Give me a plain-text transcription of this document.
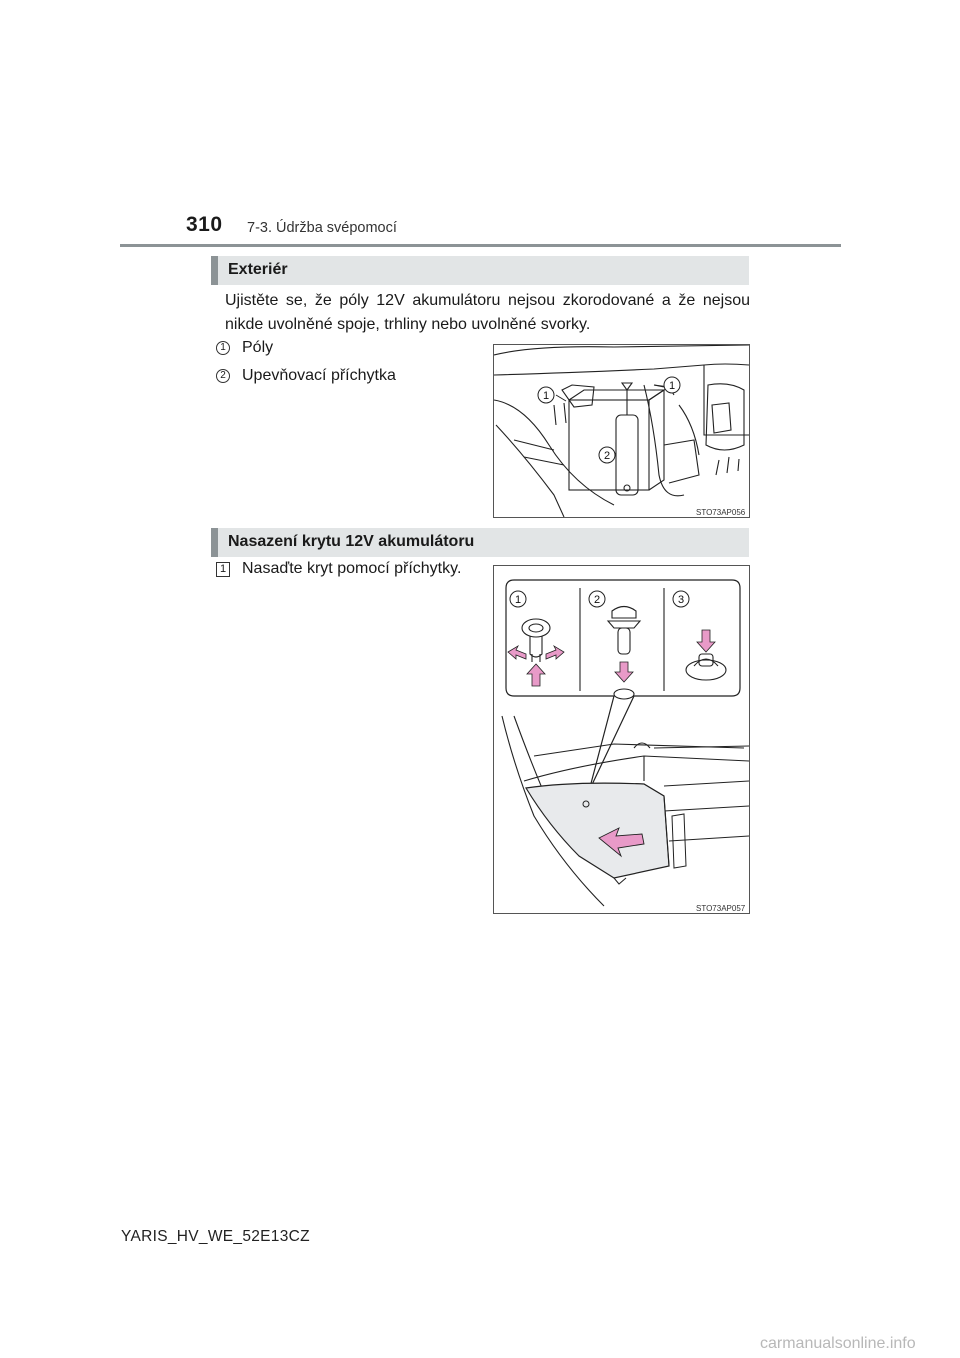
310 7-3. Údržba svépomocí
Exteriér
Ujistěte se, že póly 12V akumulátoru nejsou zkorodované a že nejsou nikde uvolněné spoje, trhliny nebo uvolněné svorky.
1 Póly
2 Upevňovací příchytka
1
1
2
STO73AP056
Nasazení krytu 12V akumulátoru
1 Nasaďte kryt pomocí příchytky.
1	2	3
STO73AP057
YARIS_HV_WE_52E13CZ
carmanualsonline.info
